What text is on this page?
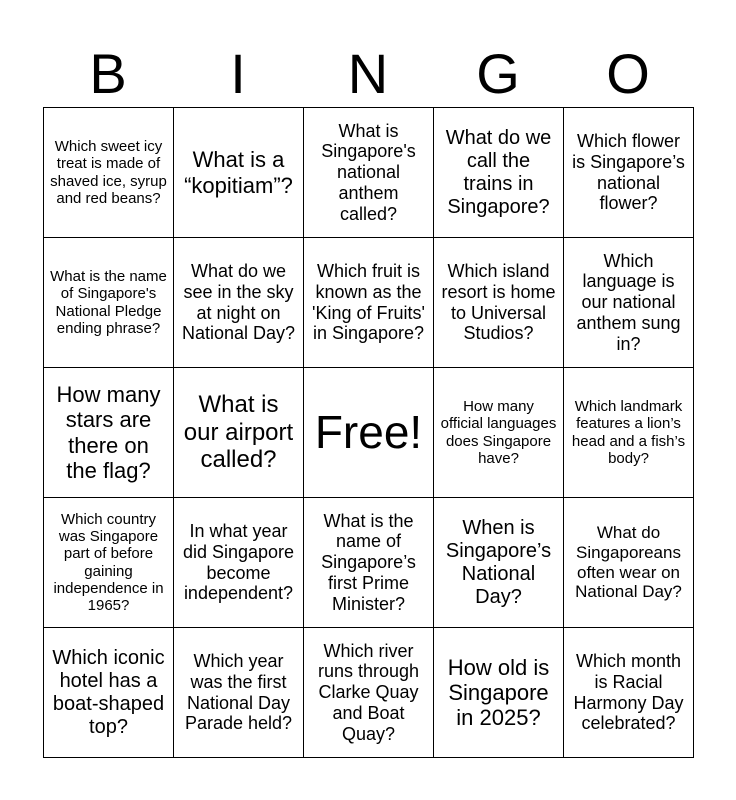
B	I	N	G	O
Which sweet icy treat is made of shaved ice, syrup and red beans?	What is a “kopitiam”?	What is Singapore's national anthem called?	What do we call the trains in Singapore?	Which flower is Singapore’s national flower?
What is the name of Singapore's National Pledge ending phrase?	What do we see in the sky at night on National Day?	Which fruit is known as the 'King of Fruits' in Singapore?	Which island resort is home to Universal Studios?	Which language is our national anthem sung in?
How many stars are there on the flag?	What is our airport called?	Free!	How many official languages does Singapore have?	Which landmark features a lion’s head and a fish’s body?
Which country was Singapore part of before gaining independence in 1965?	In what year did Singapore become independent?	What is the name of Singapore’s first Prime Minister?	When is Singapore’s National Day?	What do Singaporeans often wear on National Day?
Which iconic hotel has a boat-shaped top?	Which year was the first National Day Parade held?	Which river runs through Clarke Quay and Boat Quay?	How old is Singapore in 2025?	Which month is Racial Harmony Day celebrated?
